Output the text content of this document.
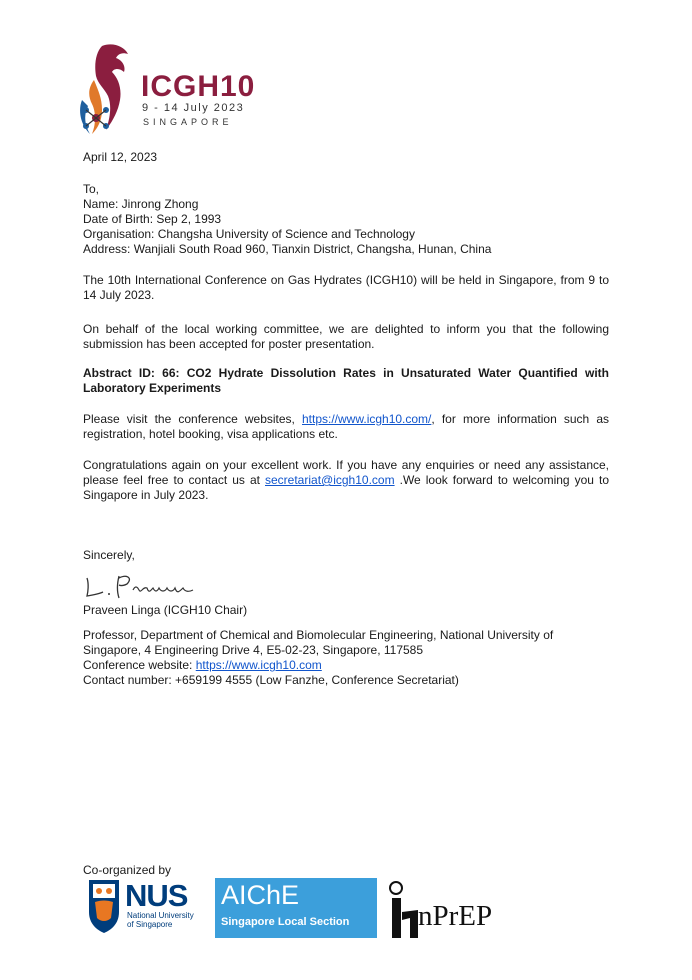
ICGH10
9 - 14 July 2023
SINGAPORE
April 12, 2023
To,
Name: Jinrong Zhong
Date of Birth: Sep 2, 1993
Organisation: Changsha University of Science and Technology
Address: Wanjiali South Road 960, Tianxin District, Changsha, Hunan, China
The 10th International Conference on Gas Hydrates (ICGH10) will be held in Singapore, from 9 to 14 July 2023.
On behalf of the local working committee, we are delighted to inform you that the following submission has been accepted for poster presentation.
Abstract ID: 66: CO2 Hydrate Dissolution Rates in Unsaturated Water Quantified with Laboratory Experiments
Please visit the conference websites, https://www.icgh10.com/, for more information such as registration, hotel booking, visa applications etc.
Congratulations again on your excellent work. If you have any enquiries or need any assistance, please feel free to contact us at secretariat@icgh10.com .We look forward to welcoming you to Singapore in July 2023.
Sincerely,
Praveen Linga (ICGH10 Chair)
Professor, Department of Chemical and Biomolecular Engineering, National University of Singapore, 4 Engineering Drive 4, E5-02-23, Singapore, 117585
Conference website: https://www.icgh10.com
Contact number: +659199 4555 (Low Fanzhe, Conference Secretariat)
Co-organized by
NUS
National University
of Singapore
AIChE
Singapore Local Section nPrEP
